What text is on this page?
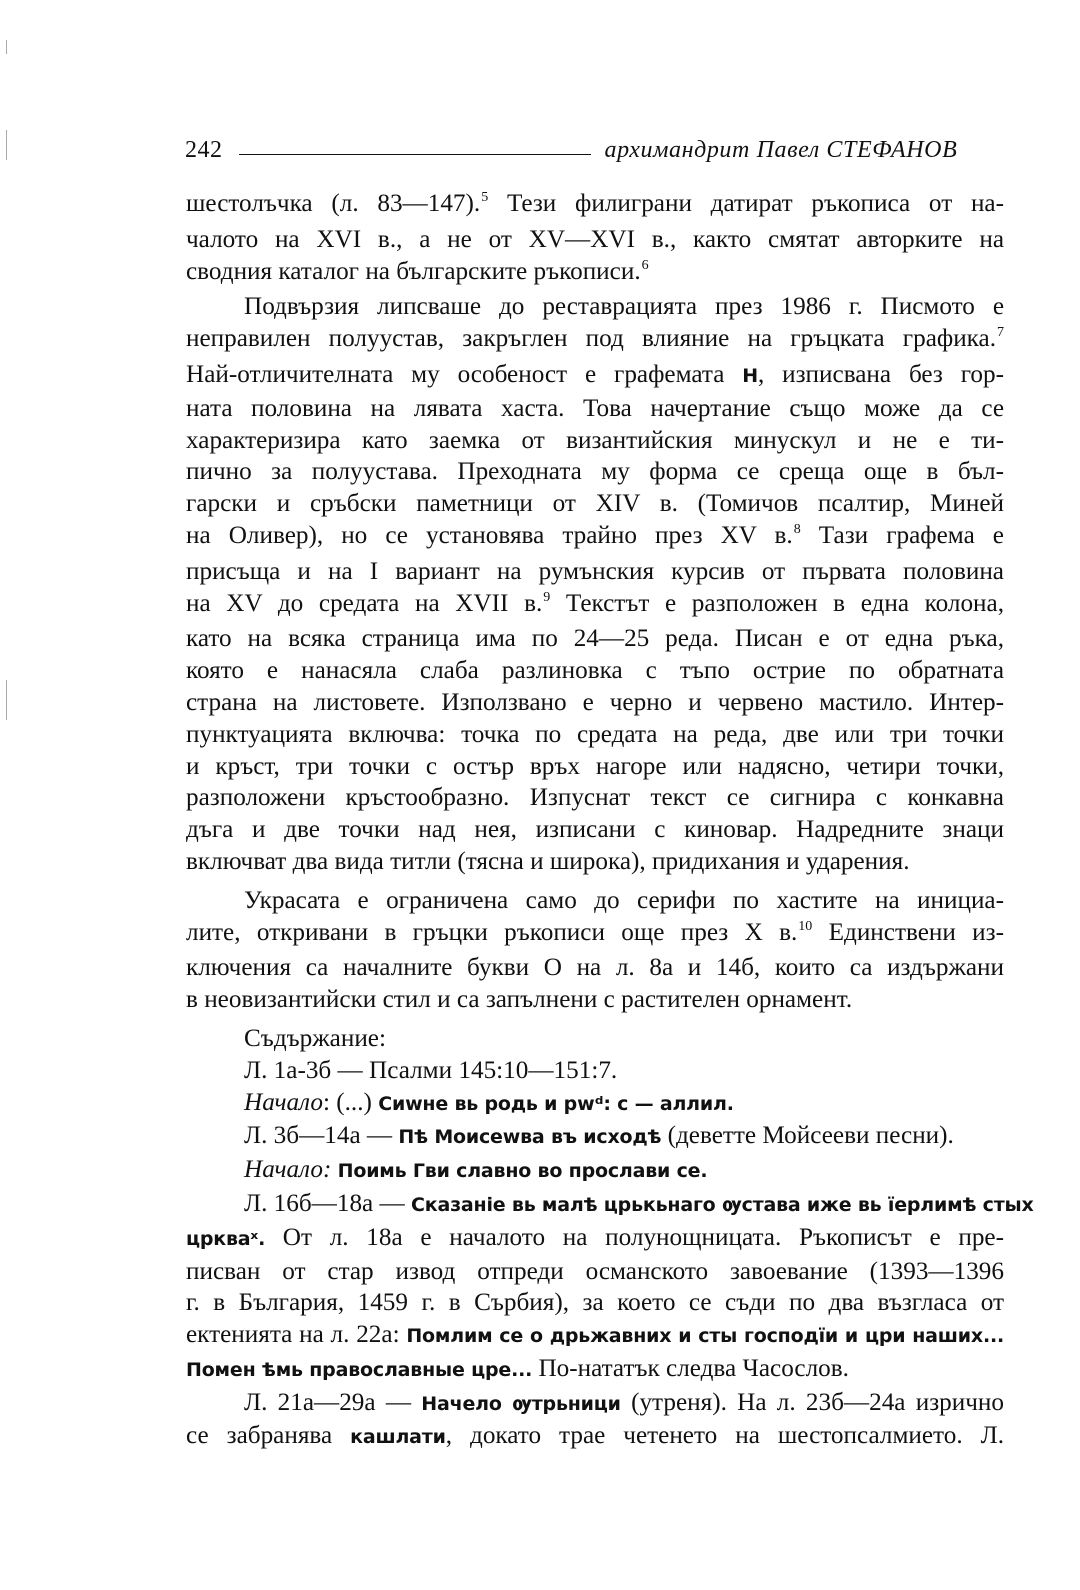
242	архимандрит Павел СТЕФАНОВ

шестолъчка (л. 83—147).$^5$ Тези филиграни датират ръкописа от на-

чалото на XVI в., а не от XV—XVI в., както смятат авторките на

сводния каталог на българските ръкописи.$^6$

Подвързия липсваше до реставрацията през 1986 г. Писмото е

неправилен полуустав, закръглен под влияние на гръцката графика.$^7$

Най-отличителната му особеност е графемата Н, изписвана без гор-

ната половина на лявата хаста. Това начертание също може да се

характеризира като заемка от византийския минускул и не е ти-

пично за полуустава. Преходната му форма се среща още в бъл-

гарски и сръбски паметници от XIV в. (Томичов псалтир, Миней

на Оливер), но се установява трайно през XV в.$^8$ Тази графема е

присъща и на I вариант на румънския курсив от първата половина

на XV до средата на XVII в.$^9$ Текстът е разположен в една колона,

като на всяка страница има по 24—25 реда. Писан е от една ръка,

която е нанасяла слаба разлиновка с тъпо острие по обратната

страна на листовете. Използвано е черно и червено мастило. Интер-

пунктуацията включва: точка по средата на реда, две или три точки

и кръст, три точки с остър връх нагоре или надясно, четири точки,

разположени кръстообразно. Изпуснат текст се сигнира с конкавна

дъга и две точки над нея, изписани с киновар. Надредните знаци

включват два вида титли (тясна и широка), придихания и ударения.

Украсата е ограничена само до серифи по хастите на инициа-

лите, откривани в гръцки ръкописи още през X в.$^{10}$ Единствени из-

ключения са началните букви О на л. 8а и 14б, които са издържани

в неовизантийски стил и са запълнени с растителен орнамент.

Съдържание:

Л. 1а-3б — Псалми 145:10—151:7.

Начало: (...) Сиwне вь родь и рwᵈ: с — аллил.

Л. 3б—14а — Пѣ Моисеwва въ исходѣ (деветте Мойсееви песни).

Начало: Поимь Гви славно во прослави се.

Л. 16б—18а — Сказаніе вь малѣ црькьнаго ѹстава иже вь їерлимѣ стых

цркваˣ. От л. 18а е началото на полунощницата. Ръкописът е пре-

писван от стар извод отпреди османското завоевание (1393—1396

г. в България, 1459 г. в Сърбия), за което се съди по два възгласа от

ектенията на л. 22а: Помлим се о дрьжавних и сты господїи и цри наших...

Помен ѣмь православные цре... По-нататък следва Часослов.

Л. 21а—29а — Начело ѹтрьници (утреня). На л. 23б—24а изрично

се забранява кашлати, докато трае четенето на шестопсалмието. Л.
